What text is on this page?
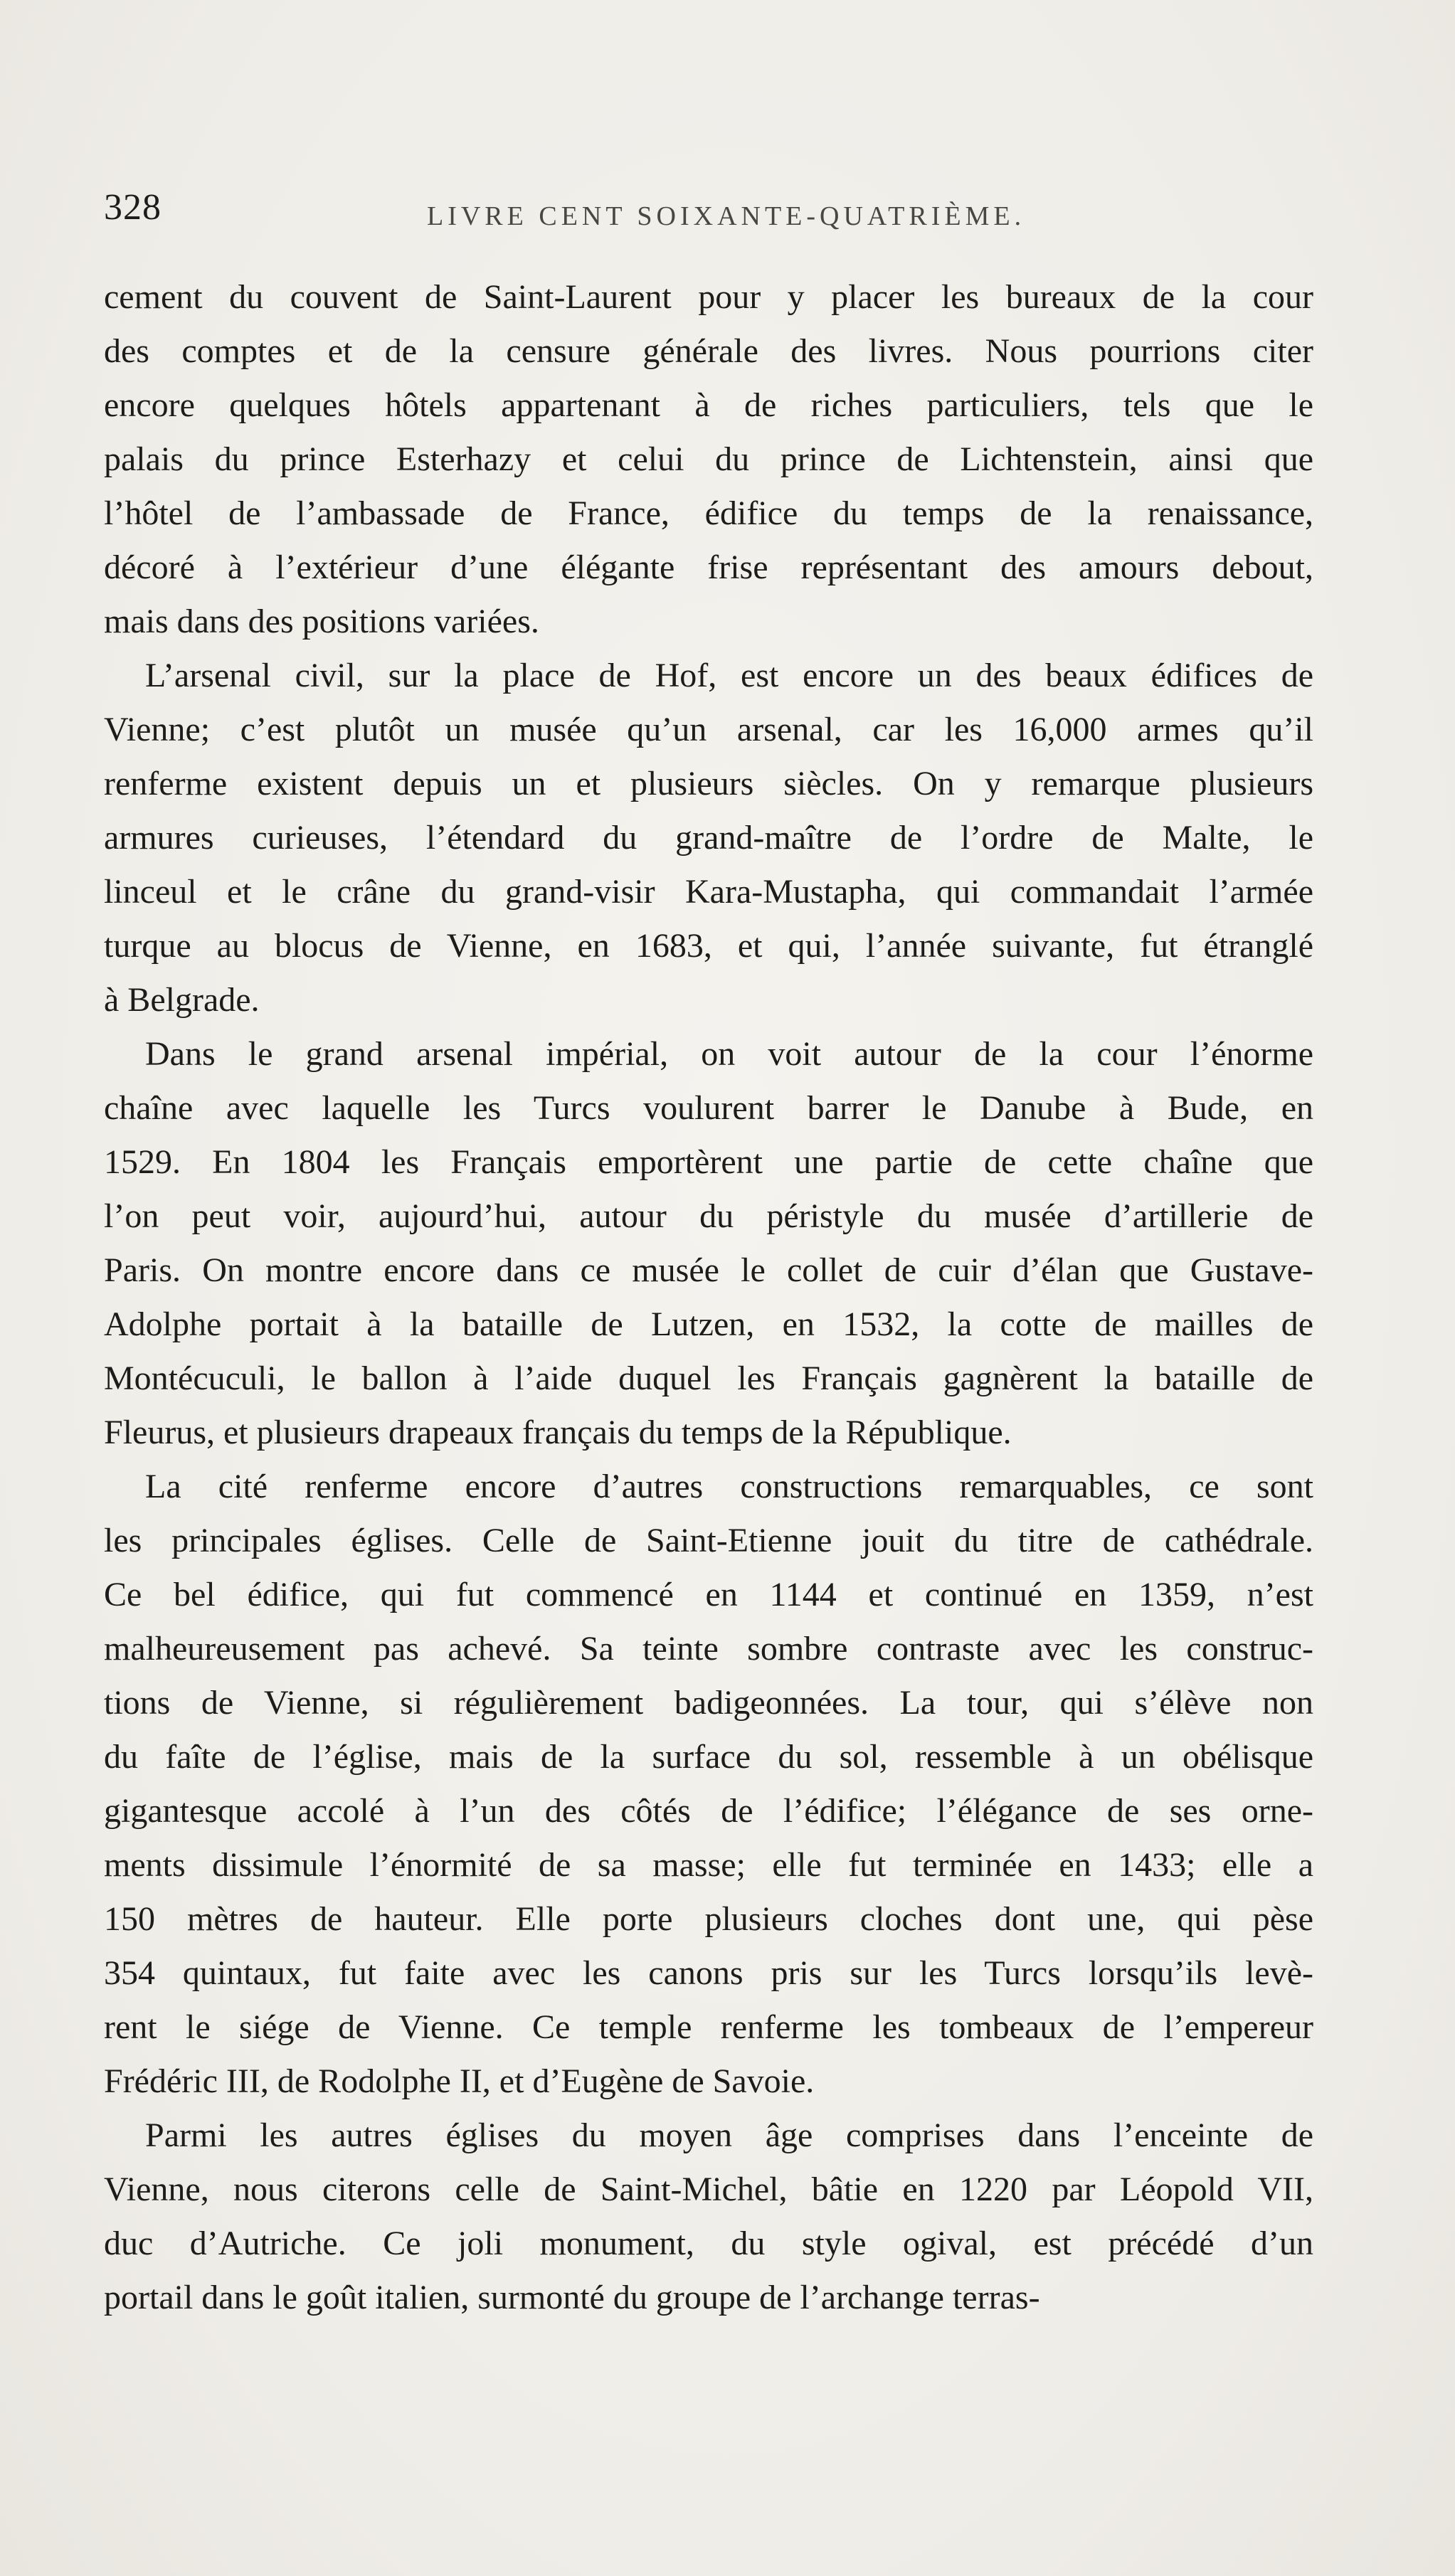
328	LIVRE CENT SOIXANTE-QUATRIÈME.
cement du couvent de Saint-Laurent pour y placer les bureaux de la cour
des comptes et de la censure générale des livres. Nous pourrions citer
encore quelques hôtels appartenant à de riches particuliers, tels que le
palais du prince Esterhazy et celui du prince de Lichtenstein, ainsi que
l’hôtel de l’ambassade de France, édifice du temps de la renaissance,
décoré à l’extérieur d’une élégante frise représentant des amours debout,
mais dans des positions variées.
L’arsenal civil, sur la place de Hof, est encore un des beaux édifices de
Vienne; c’est plutôt un musée qu’un arsenal, car les 16,000 armes qu’il
renferme existent depuis un et plusieurs siècles. On y remarque plusieurs
armures curieuses, l’étendard du grand-maître de l’ordre de Malte, le
linceul et le crâne du grand-visir Kara-Mustapha, qui commandait l’armée
turque au blocus de Vienne, en 1683, et qui, l’année suivante, fut étranglé
à Belgrade.
Dans le grand arsenal impérial, on voit autour de la cour l’énorme
chaîne avec laquelle les Turcs voulurent barrer le Danube à Bude, en
1529. En 1804 les Français emportèrent une partie de cette chaîne que
l’on peut voir, aujourd’hui, autour du péristyle du musée d’artillerie de
Paris. On montre encore dans ce musée le collet de cuir d’élan que Gustave-
Adolphe portait à la bataille de Lutzen, en 1532, la cotte de mailles de
Montécuculi, le ballon à l’aide duquel les Français gagnèrent la bataille de
Fleurus, et plusieurs drapeaux français du temps de la République.
La cité renferme encore d’autres constructions remarquables, ce sont
les principales églises. Celle de Saint-Etienne jouit du titre de cathédrale.
Ce bel édifice, qui fut commencé en 1144 et continué en 1359, n’est
malheureusement pas achevé. Sa teinte sombre contraste avec les construc-
tions de Vienne, si régulièrement badigeonnées. La tour, qui s’élève non
du faîte de l’église, mais de la surface du sol, ressemble à un obélisque
gigantesque accolé à l’un des côtés de l’édifice; l’élégance de ses orne-
ments dissimule l’énormité de sa masse; elle fut terminée en 1433; elle a
150 mètres de hauteur. Elle porte plusieurs cloches dont une, qui pèse
354 quintaux, fut faite avec les canons pris sur les Turcs lorsqu’ils levè-
rent le siége de Vienne. Ce temple renferme les tombeaux de l’empereur
Frédéric III, de Rodolphe II, et d’Eugène de Savoie.
Parmi les autres églises du moyen âge comprises dans l’enceinte de
Vienne, nous citerons celle de Saint-Michel, bâtie en 1220 par Léopold VII,
duc d’Autriche. Ce joli monument, du style ogival, est précédé d’un
portail dans le goût italien, surmonté du groupe de l’archange terras-
